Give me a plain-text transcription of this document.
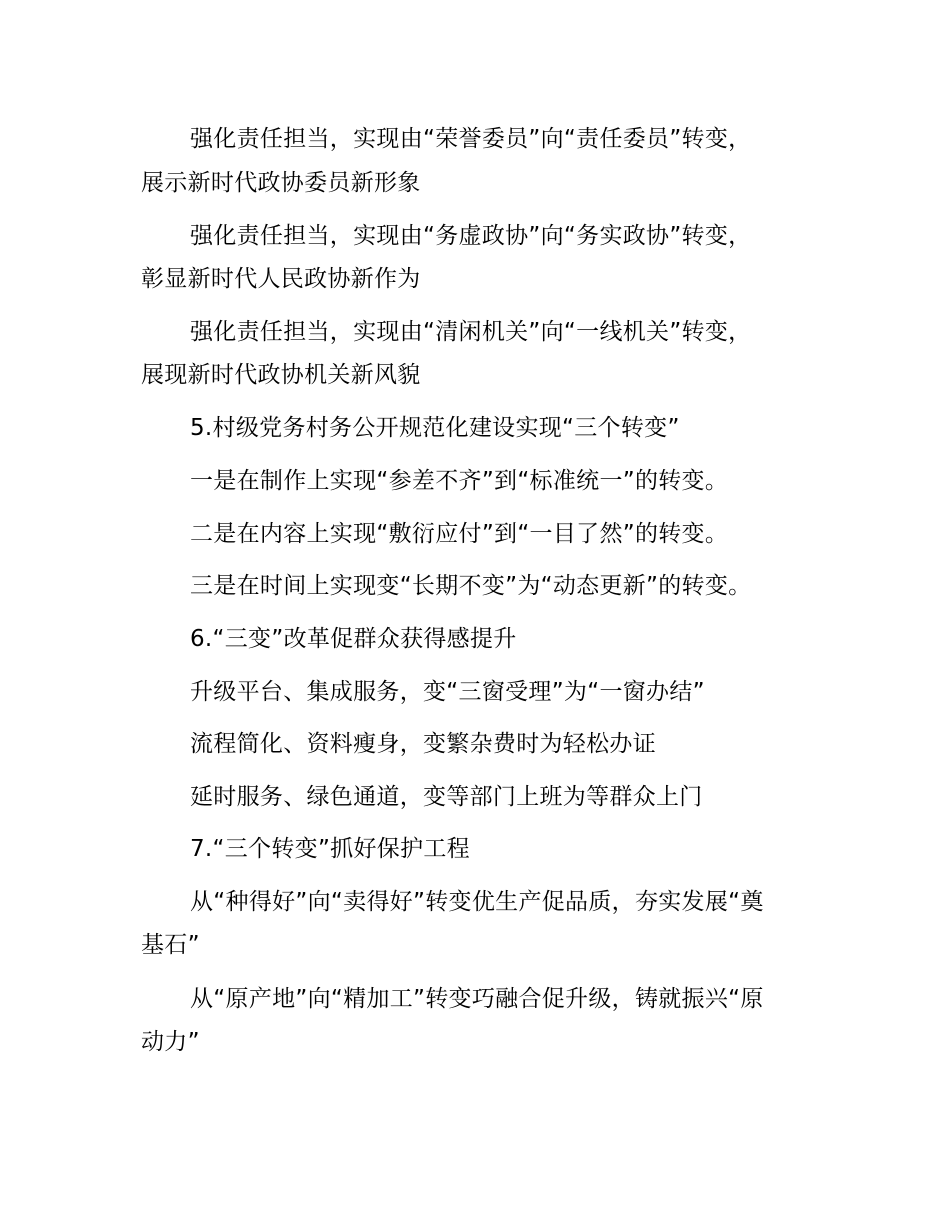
强化责任担当，实现由“荣誉委员”向“责任委员”转变，
展示新时代政协委员新形象
强化责任担当，实现由“务虚政协”向“务实政协”转变，
彰显新时代人民政协新作为
强化责任担当，实现由“清闲机关”向“一线机关”转变，
展现新时代政协机关新风貌
5.村级党务村务公开规范化建设实现“三个转变”
一是在制作上实现“参差不齐”到“标准统一”的转变。
二是在内容上实现“敷衍应付”到“一目了然”的转变。
三是在时间上实现变“长期不变”为“动态更新”的转变。
6.“三变”改革促群众获得感提升
升级平台、集成服务，变“三窗受理”为“一窗办结”
流程简化、资料瘦身，变繁杂费时为轻松办证
延时服务、绿色通道，变等部门上班为等群众上门
7.“三个转变”抓好保护工程
从“种得好”向“卖得好”转变优生产促品质，夯实发展“奠
基石”
从“原产地”向“精加工”转变巧融合促升级，铸就振兴“原
动力”
